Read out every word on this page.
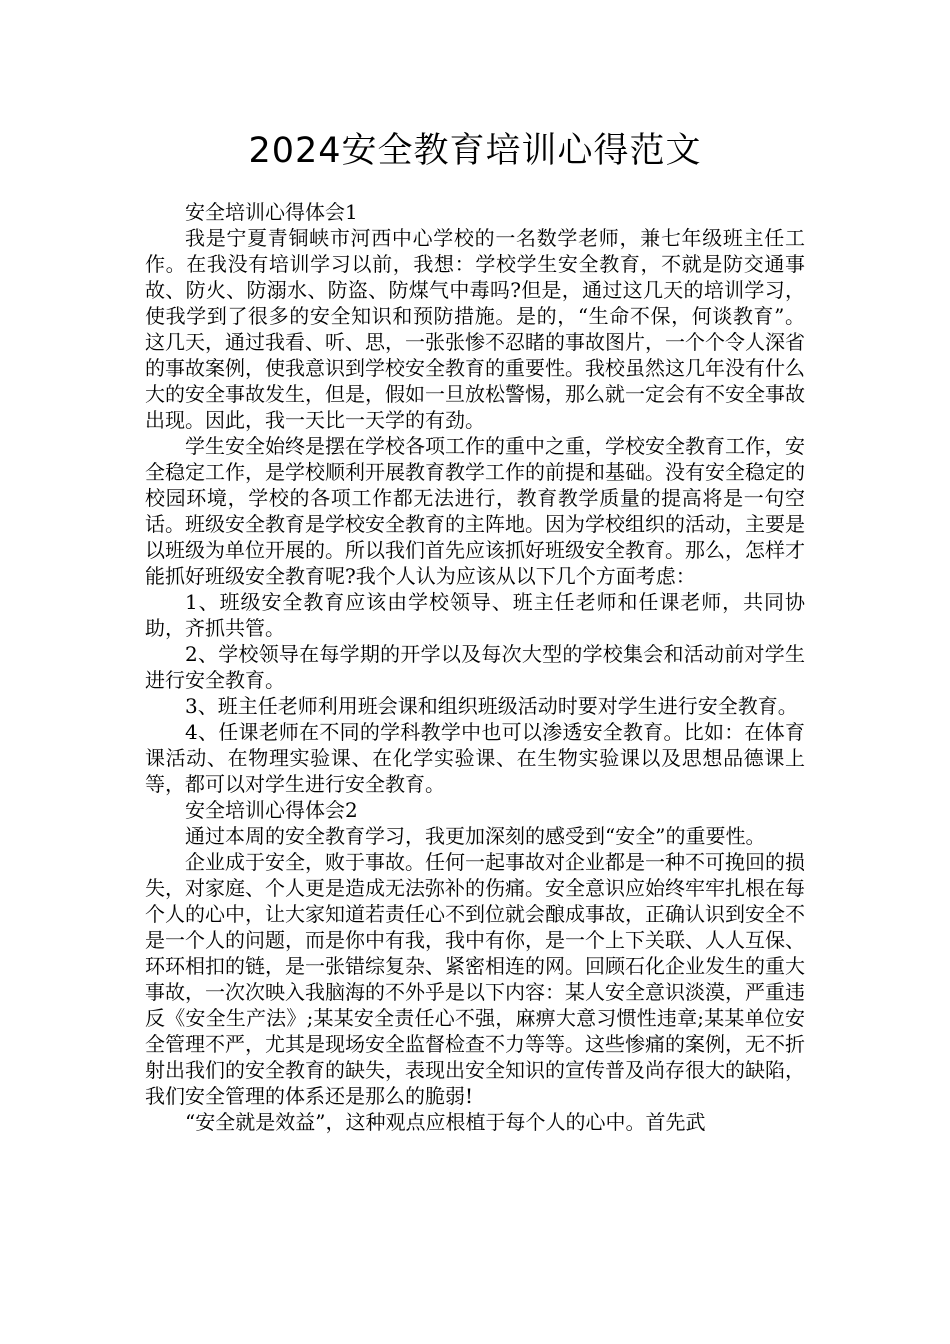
2024安全教育培训心得范文

安全培训心得体会1

我是宁夏青铜峡市河西中心学校的一名数学老师，兼七年级班主任工作。在我没有培训学习以前，我想：学校学生安全教育，不就是防交通事故、防火、防溺水、防盗、防煤气中毒吗?但是，通过这几天的培训学习，使我学到了很多的安全知识和预防措施。是的，“生命不保，何谈教育”。这几天，通过我看、听、思，一张张惨不忍睹的事故图片，一个个令人深省的事故案例，使我意识到学校安全教育的重要性。我校虽然这几年没有什么大的安全事故发生，但是，假如一旦放松警惕，那么就一定会有不安全事故出现。因此，我一天比一天学的有劲。

学生安全始终是摆在学校各项工作的重中之重，学校安全教育工作，安全稳定工作，是学校顺利开展教育教学工作的前提和基础。没有安全稳定的校园环境，学校的各项工作都无法进行，教育教学质量的提高将是一句空话。班级安全教育是学校安全教育的主阵地。因为学校组织的活动，主要是以班级为单位开展的。所以我们首先应该抓好班级安全教育。那么，怎样才能抓好班级安全教育呢?我个人认为应该从以下几个方面考虑：

1、班级安全教育应该由学校领导、班主任老师和任课老师，共同协助，齐抓共管。

2、学校领导在每学期的开学以及每次大型的学校集会和活动前对学生进行安全教育。

3、班主任老师利用班会课和组织班级活动时要对学生进行安全教育。

4、任课老师在不同的学科教学中也可以渗透安全教育。比如：在体育课活动、在物理实验课、在化学实验课、在生物实验课以及思想品德课上等，都可以对学生进行安全教育。

安全培训心得体会2

通过本周的安全教育学习，我更加深刻的感受到“安全”的重要性。

企业成于安全，败于事故。任何一起事故对企业都是一种不可挽回的损失，对家庭、个人更是造成无法弥补的伤痛。安全意识应始终牢牢扎根在每个人的心中，让大家知道若责任心不到位就会酿成事故，正确认识到安全不是一个人的问题，而是你中有我，我中有你，是一个上下关联、人人互保、环环相扣的链，是一张错综复杂、紧密相连的网。回顾石化企业发生的重大事故，一次次映入我脑海的不外乎是以下内容：某人安全意识淡漠，严重违反《安全生产法》;某某安全责任心不强，麻痹大意习惯性违章;某某单位安全管理不严，尤其是现场安全监督检查不力等等。这些惨痛的案例，无不折射出我们的安全教育的缺失，表现出安全知识的宣传普及尚存很大的缺陷，我们安全管理的体系还是那么的脆弱!

“安全就是效益”，这种观点应根植于每个人的心中。首先武
